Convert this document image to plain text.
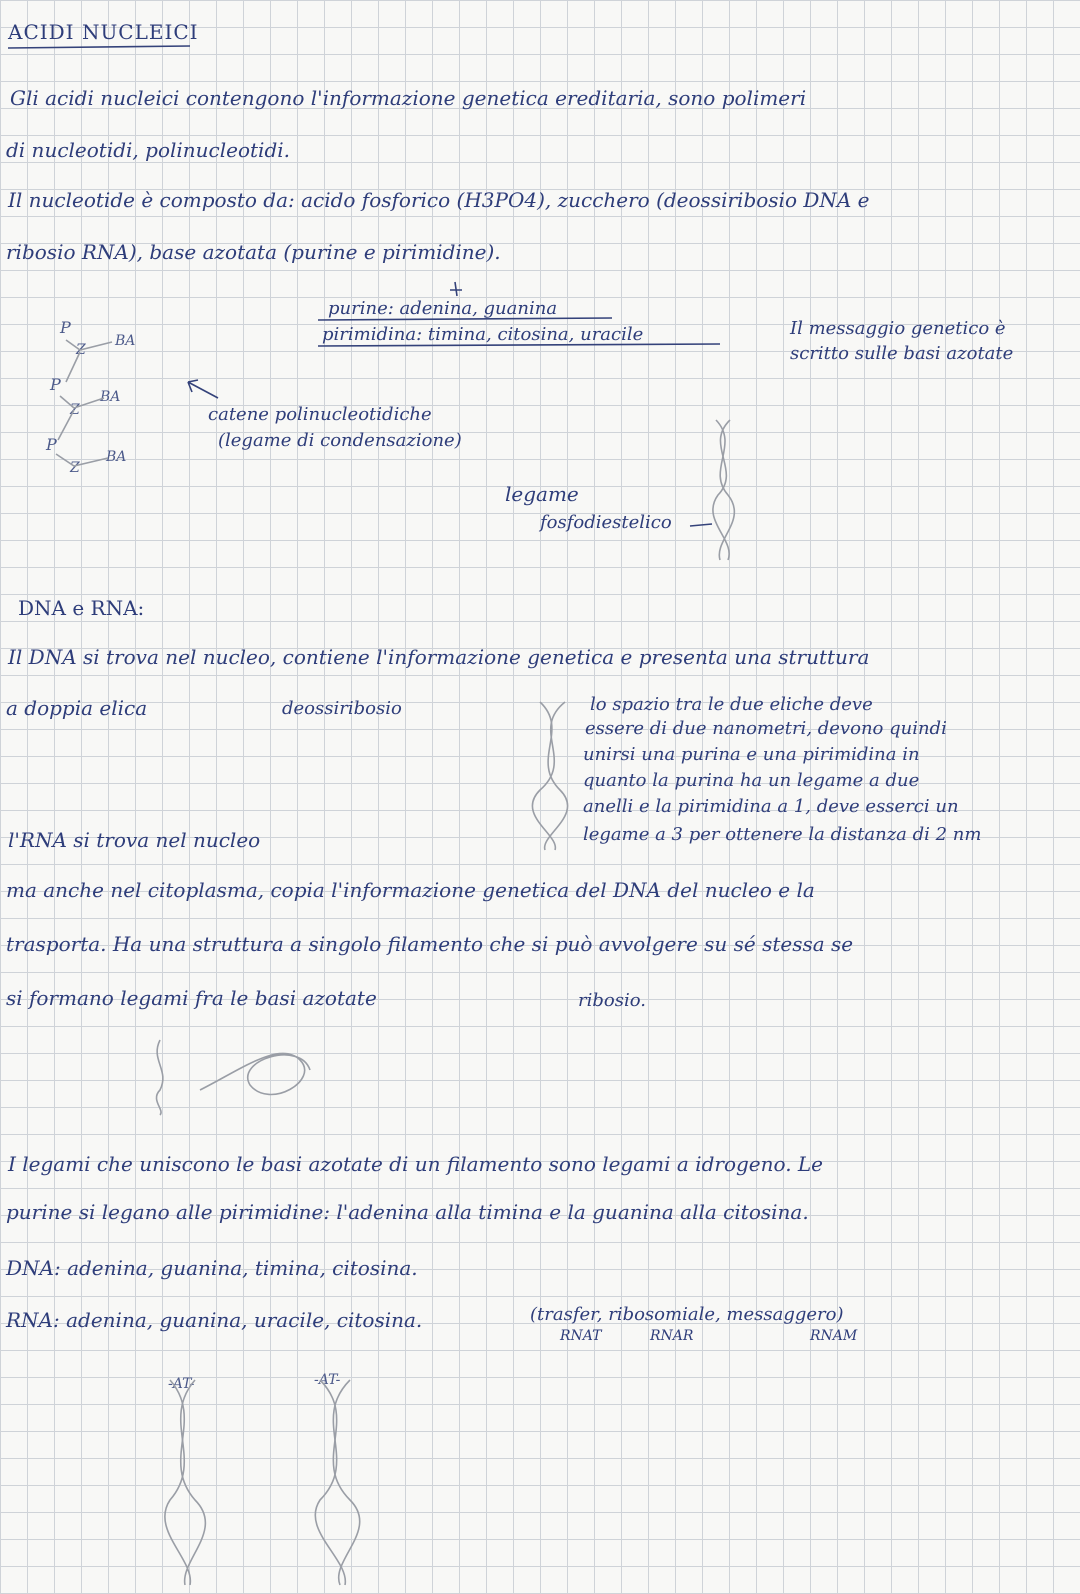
ACIDI NUCLEICI
Gli acidi nucleici contengono l'informazione genetica ereditaria, sono polimeri
di nucleotidi, polinucleotidi.
Il nucleotide è composto da: acido fosforico (H3PO4), zucchero (deossiribosio DNA e
ribosio RNA), base azotata (purine e pirimidine).
purine: adenina, guanina
pirimidina: timina, citosina, uracile	Il messaggio genetico è
scritto sulle basi azotate
P
BA
Z
P
BA
Z
P
BA
Z
catene polinucleotidiche
(legame di condensazione)
legame
fosfodiestelico
DNA e RNA:
Il DNA si trova nel nucleo, contiene l'informazione genetica e presenta una struttura
a doppia elica	deossiribosio	lo spazio tra le due eliche deve
essere di due nanometri, devono quindi
unirsi una purina e una pirimidina in
quanto la purina ha un legame a due
anelli e la pirimidina a 1, deve esserci un
legame a 3 per ottenere la distanza di 2 nm
l'RNA si trova nel nucleo
ma anche nel citoplasma, copia l'informazione genetica del DNA del nucleo e la
trasporta. Ha una struttura a singolo filamento che si può avvolgere su sé stessa se
si formano legami fra le basi azotate	ribosio.
I legami che uniscono le basi azotate di un filamento sono legami a idrogeno. Le
purine si legano alle pirimidine: l'adenina alla timina e la guanina alla citosina.
DNA: adenina, guanina, timina, citosina.
RNA: adenina, guanina, uracile, citosina.	(trasfer, ribosomiale, messaggero)
RNAT	RNAR	RNAM
-AT-	-AT-
